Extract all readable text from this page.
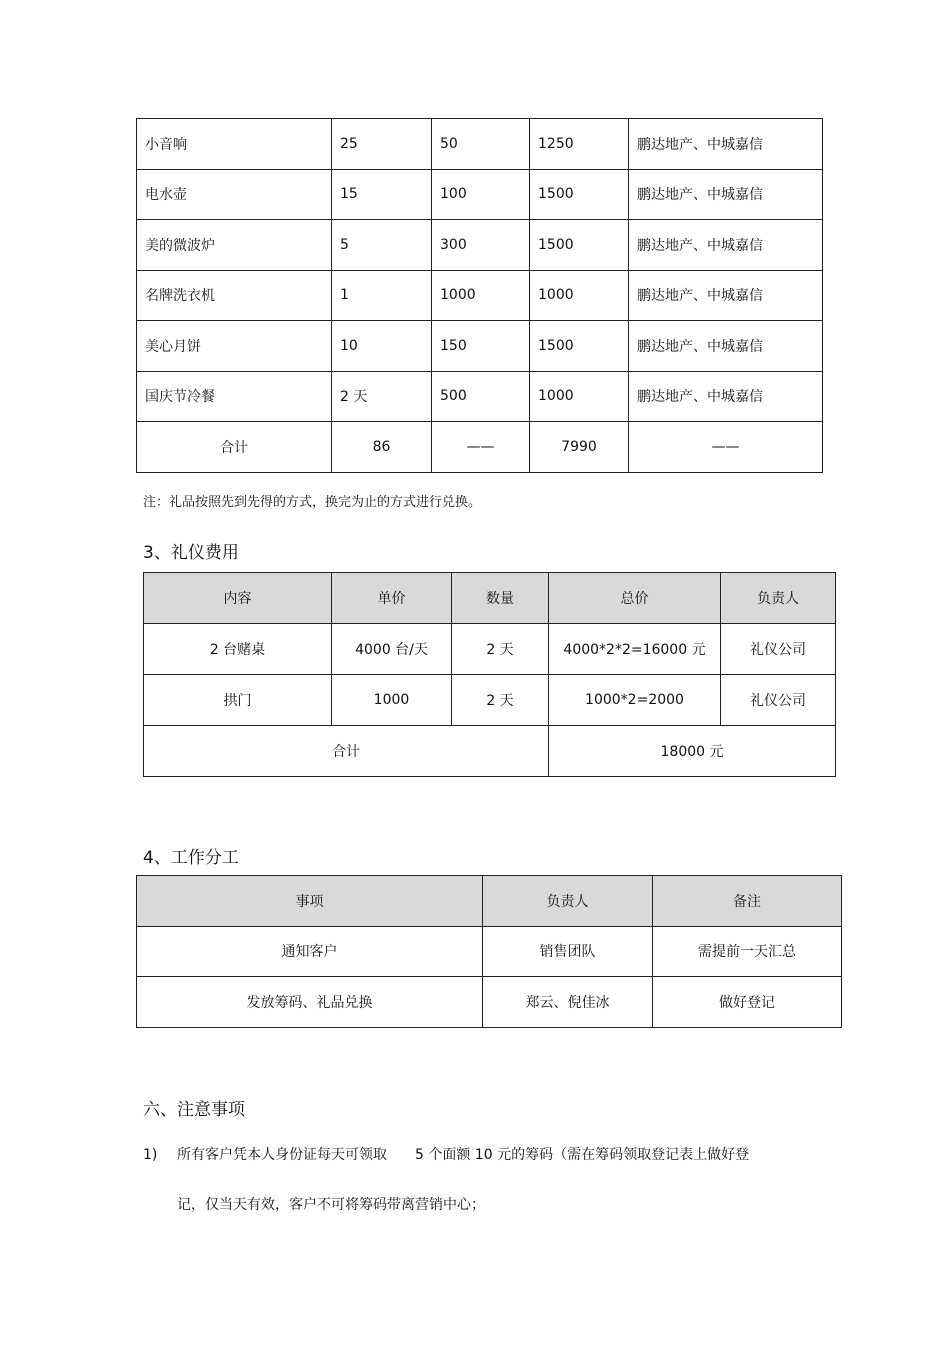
小音响	25	50	1250	鹏达地产、中城嘉信
电水壶	15	100	1500	鹏达地产、中城嘉信
美的微波炉	5	300	1500	鹏达地产、中城嘉信
名牌洗衣机	1	1000	1000	鹏达地产、中城嘉信
美心月饼	10	150	1500	鹏达地产、中城嘉信
国庆节冷餐	2 天	500	1000	鹏达地产、中城嘉信
合计	86	——	7990	——
注：礼品按照先到先得的方式，换完为止的方式进行兑换。
3、礼仪费用
内容	单价	数量	总价	负责人
2 台赌桌	4000 台/天	2 天	4000*2*2=16000 元	礼仪公司
拱门	1000	2 天	1000*2=2000	礼仪公司
合计			18000 元	
4、工作分工
事项	负责人	备注
通知客户	销售团队	需提前一天汇总
发放筹码、礼品兑换	郑云、倪佳冰	做好登记
六、注意事项
1) 所有客户凭本人身份证每天可领取　　5 个面额 10 元的筹码（需在筹码领取登记表上做好登
记，仅当天有效，客户不可将筹码带离营销中心；
